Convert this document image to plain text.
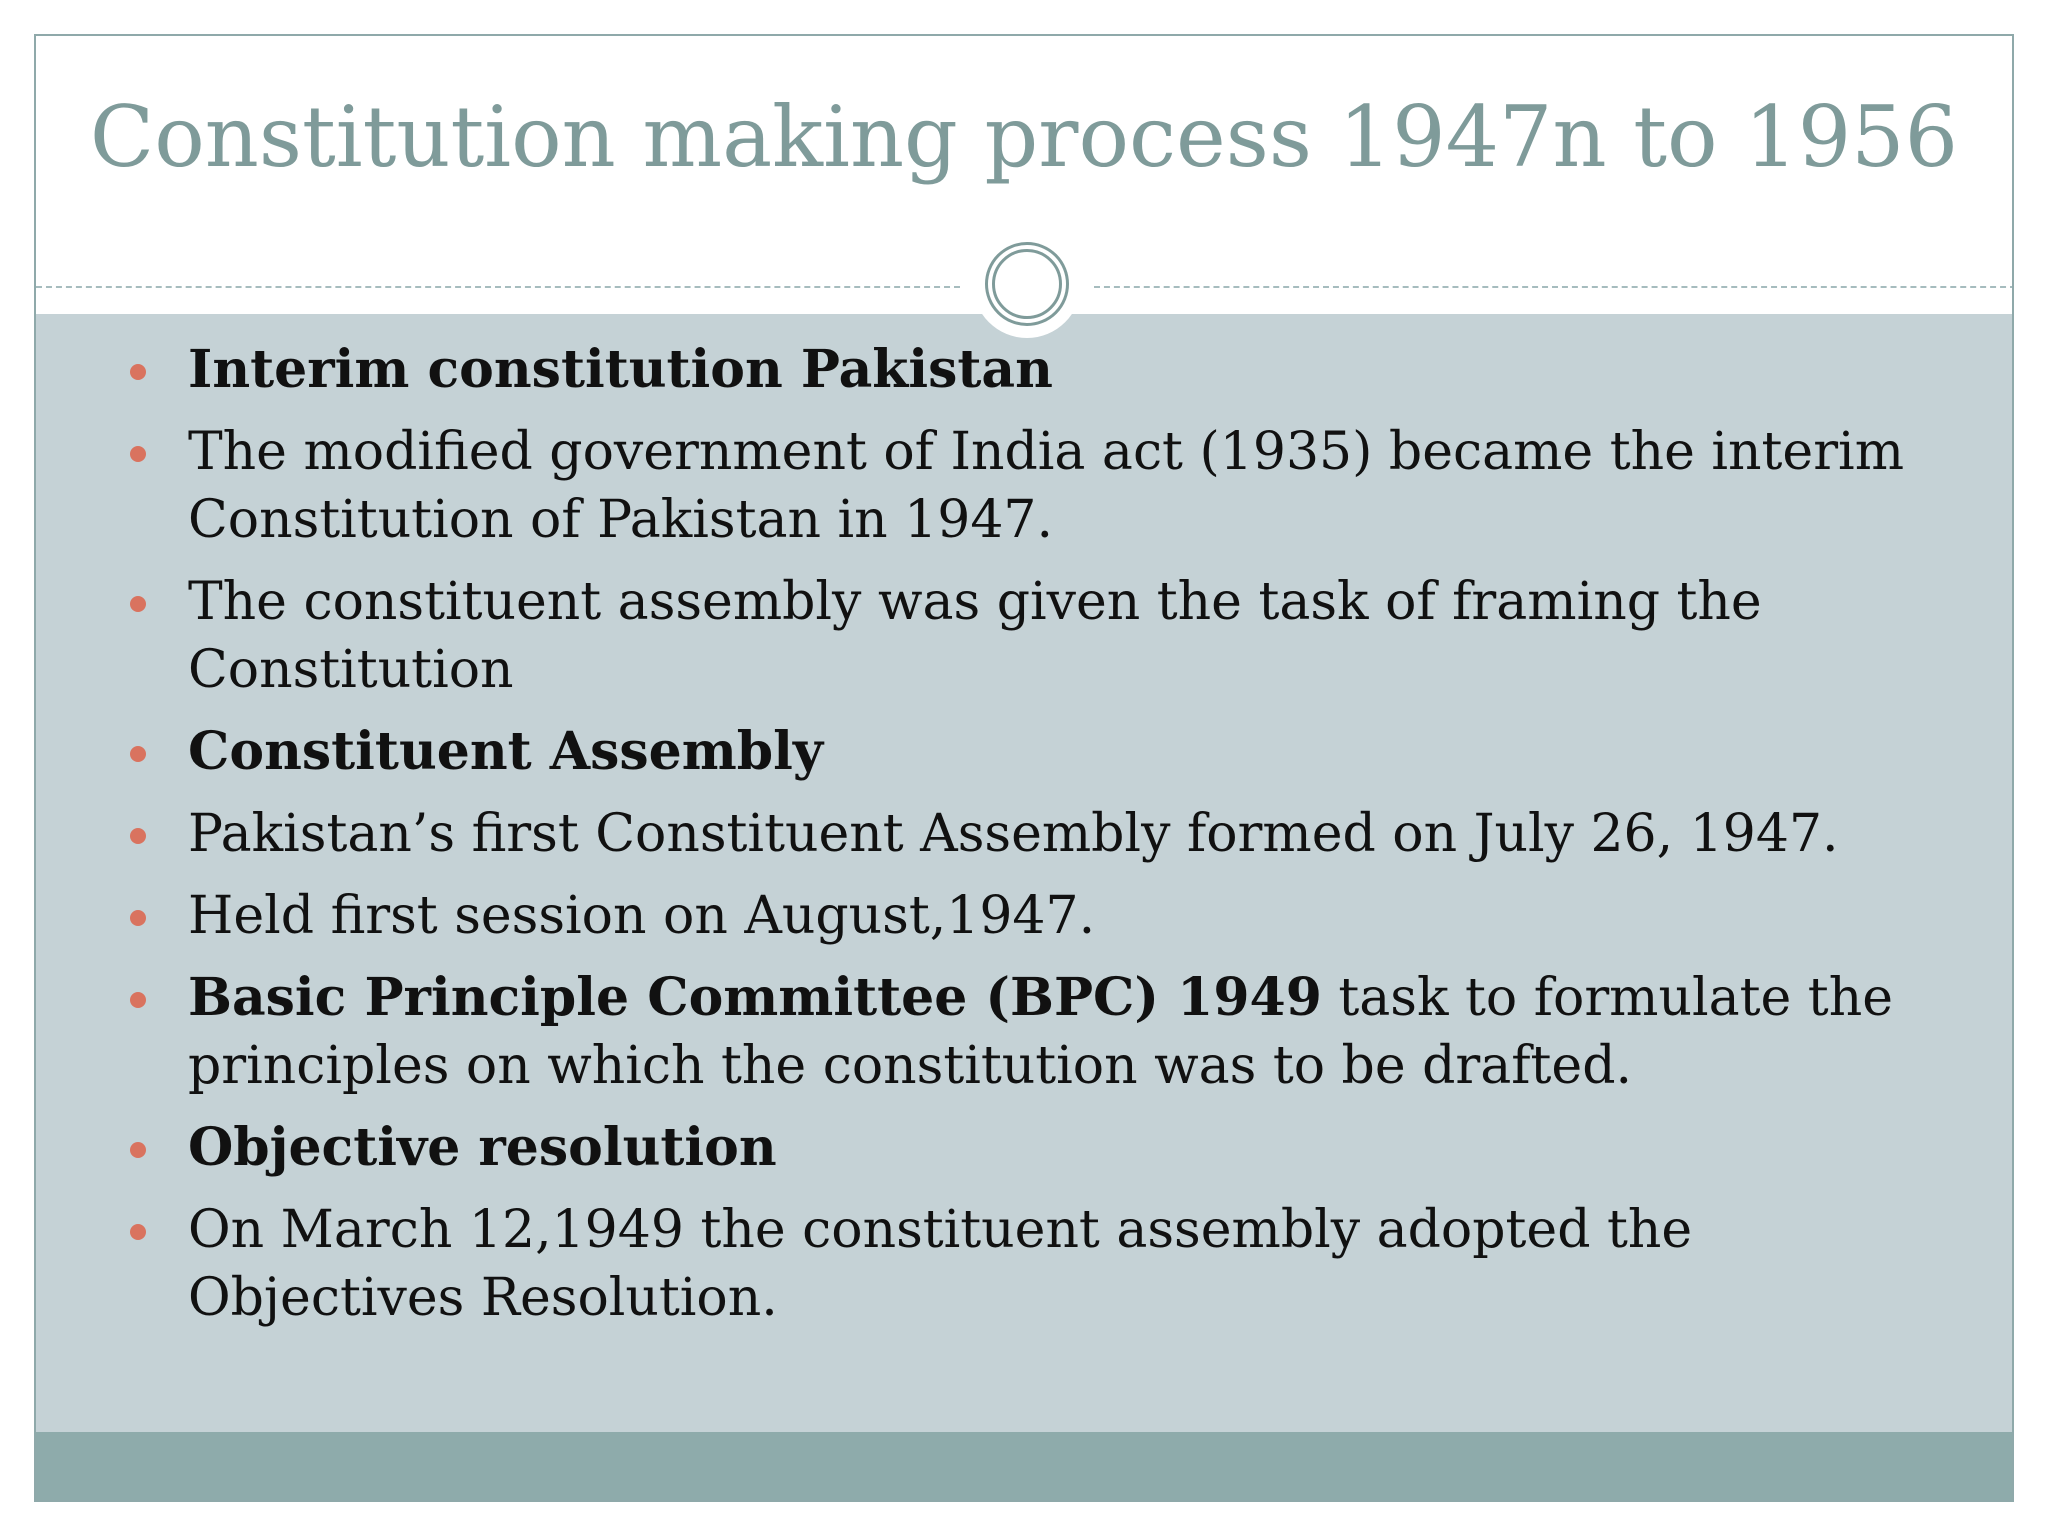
Constitution making process 1947n to 1956
Interim constitution Pakistan
The modified government of India act (1935) became the interim Constitution of Pakistan in 1947.
The constituent assembly was given the task of framing the Constitution
Constituent Assembly
Pakistan’s first Constituent Assembly formed on July 26, 1947.
Held first session on August,1947.
Basic Principle Committee (BPC) 1949 task to formulate the principles on which the constitution was to be drafted.
Objective resolution
On March 12,1949 the constituent assembly adopted the Objectives Resolution.
